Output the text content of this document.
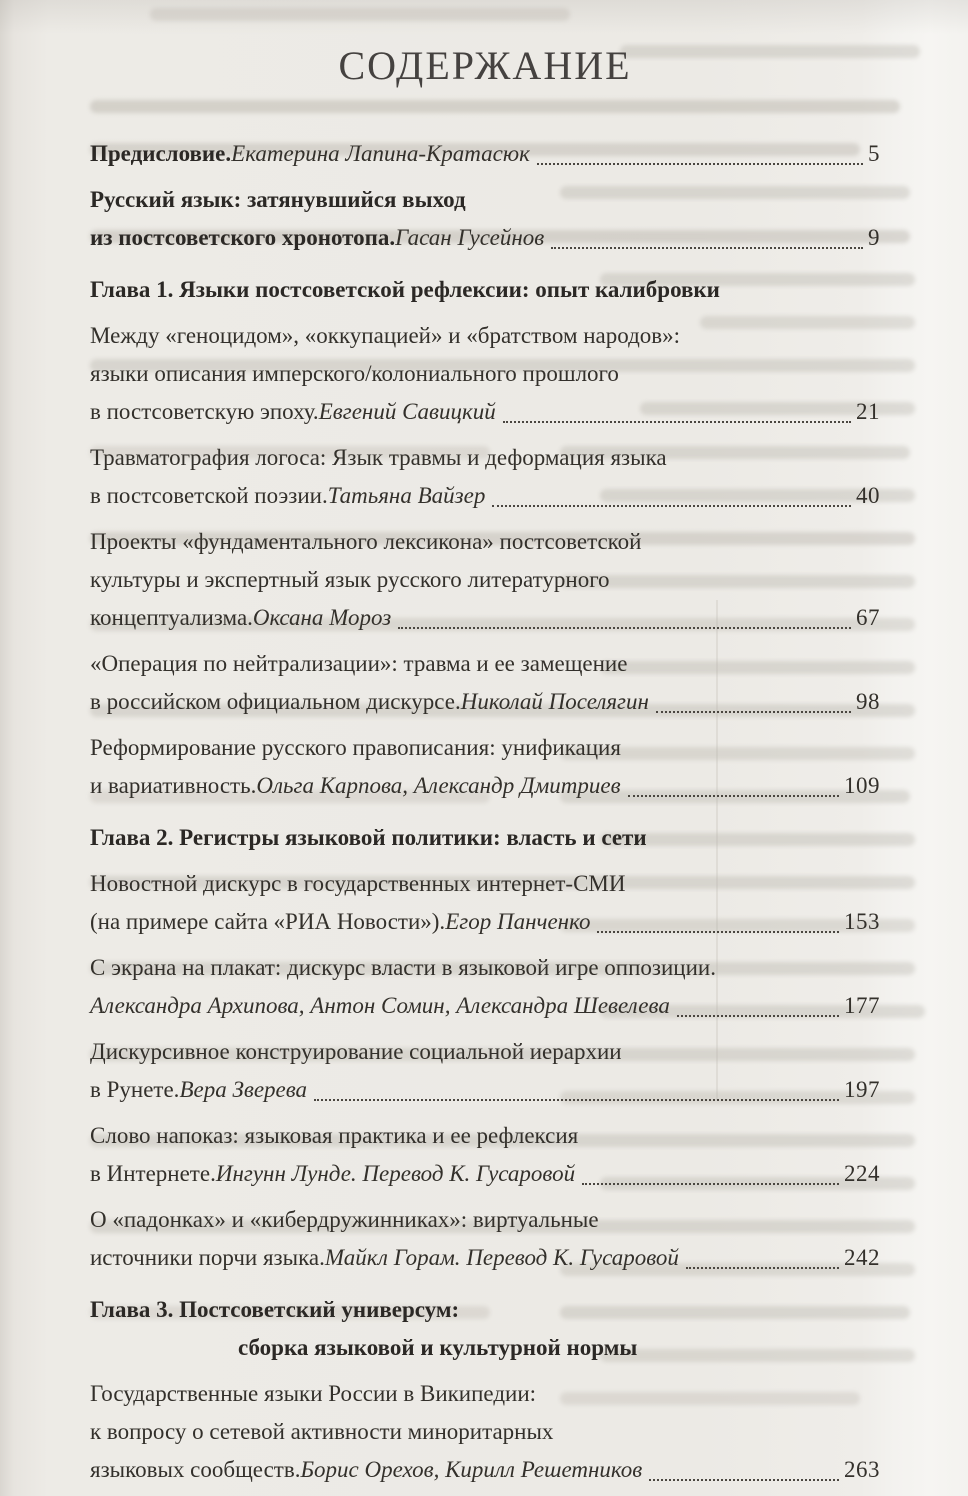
СОДЕРЖАНИЕ
Предисловие. Екатерина Лапина-Кратасюк	5
Русский язык: затянувшийся выход
из постсоветского хронотопа. Гасан Гусейнов	9
Глава 1. Языки постсоветской рефлексии: опыт калибровки
Между «геноцидом», «оккупацией» и «братством народов»:
языки описания имперского/колониального прошлого
в постсоветскую эпоху. Евгений Савицкий	21
Травматография логоса: Язык травмы и деформация языка
в постсоветской поэзии. Татьяна Вайзер	40
Проекты «фундаментального лексикона» постсоветской
культуры и экспертный язык русского литературного
концептуализма. Оксана Мороз	67
«Операция по нейтрализации»: травма и ее замещение
в российском официальном дискурсе. Николай Поселягин	98
Реформирование русского правописания: унификация
и вариативность. Ольга Карпова, Александр Дмитриев	109
Глава 2. Регистры языковой политики: власть и сети
Новостной дискурс в государственных интернет-СМИ
(на примере сайта «РИА Новости»). Егор Панченко	153
С экрана на плакат: дискурс власти в языковой игре оппозиции.
Александра Архипова, Антон Сомин, Александра Шевелева	177
Дискурсивное конструирование социальной иерархии
в Рунете. Вера Зверева	197
Слово напоказ: языковая практика и ее рефлексия
в Интернете. Ингунн Лунде. Перевод К. Гусаровой	224
О «падонках» и «кибердружинниках»: виртуальные
источники порчи языка. Майкл Горам. Перевод К. Гусаровой	242
Глава 3. Постсоветский универсум:
сборка языковой и культурной нормы
Государственные языки России в Википедии:
к вопросу о сетевой активности миноритарных
языковых сообществ. Борис Орехов, Кирилл Решетников	263
